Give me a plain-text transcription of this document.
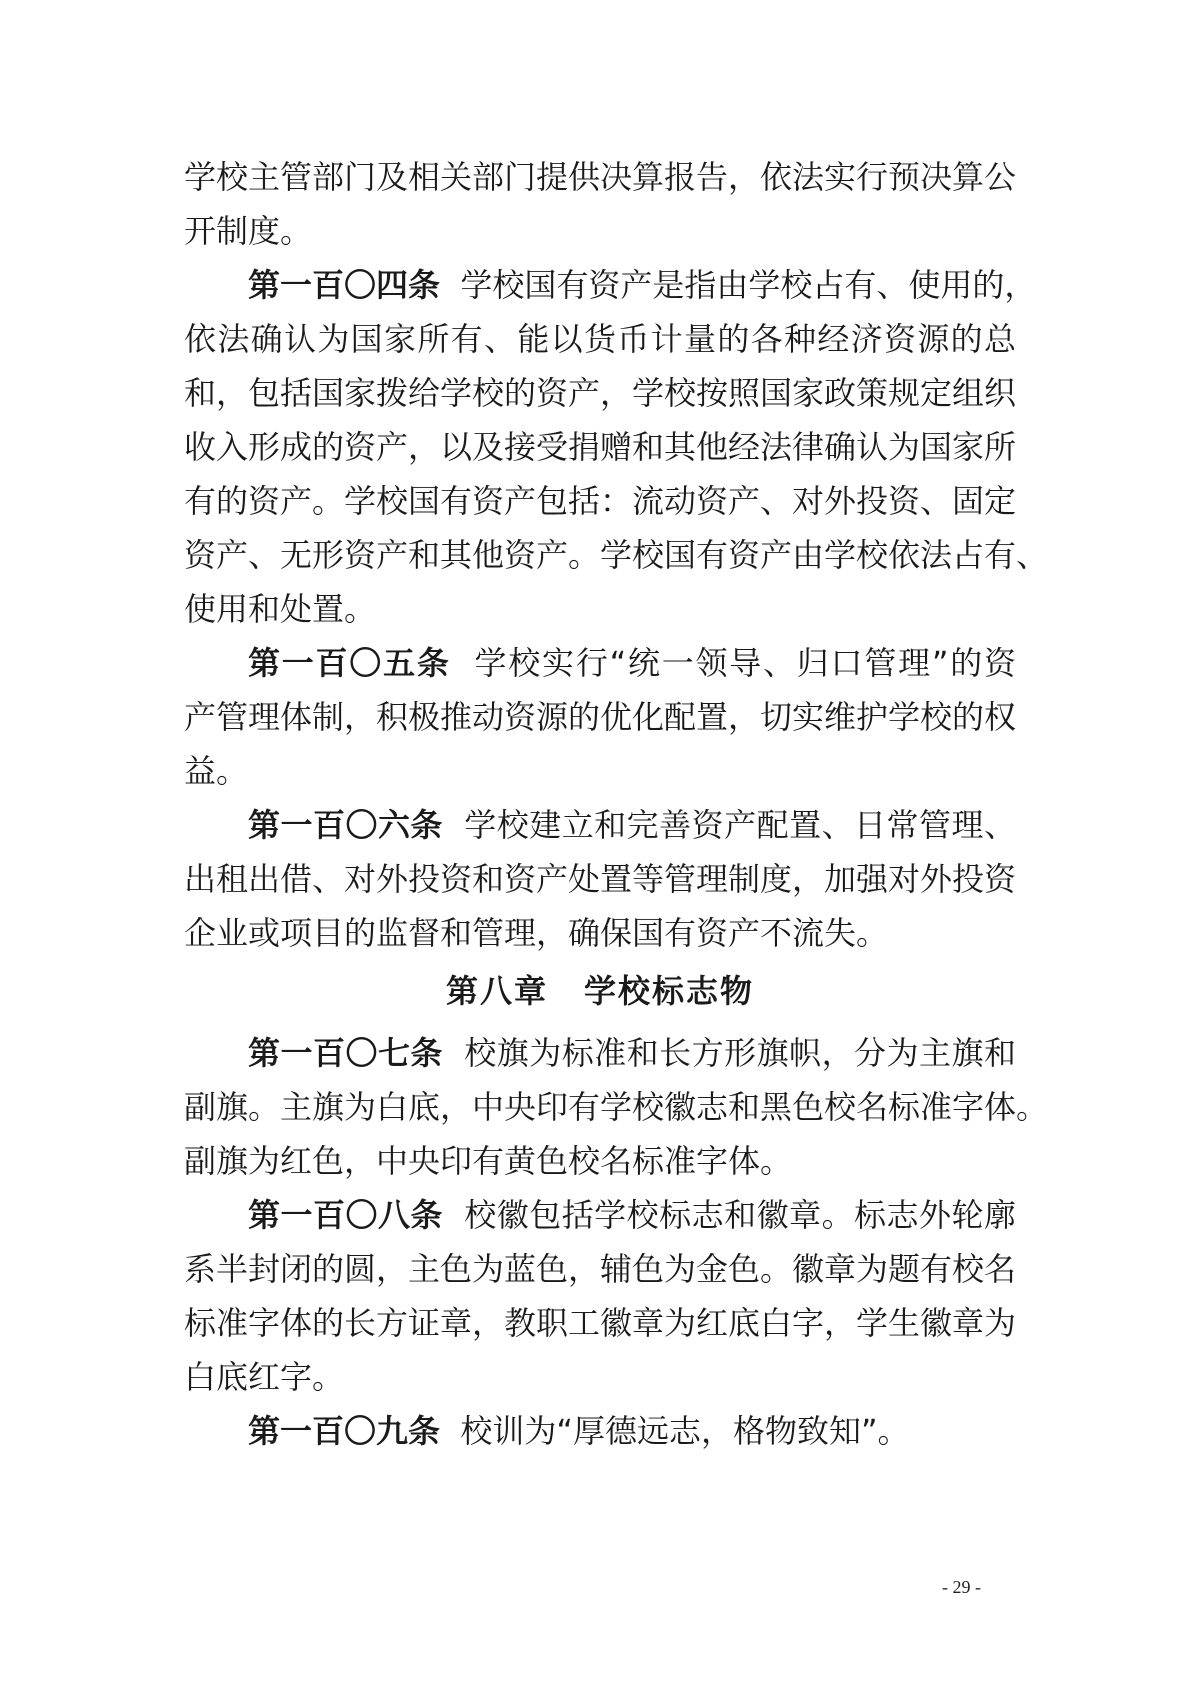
学校主管部门及相关部门提供决算报告，依法实行预决算公

开制度。

第一百〇四条 学校国有资产是指由学校占有、使用的，

依法确认为国家所有、能以货币计量的各种经济资源的总

和，包括国家拨给学校的资产，学校按照国家政策规定组织

收入形成的资产，以及接受捐赠和其他经法律确认为国家所

有的资产。学校国有资产包括：流动资产、对外投资、固定

资产、无形资产和其他资产。学校国有资产由学校依法占有、

使用和处置。

第一百〇五条 学校实行“统一领导、归口管理”的资

产管理体制，积极推动资源的优化配置，切实维护学校的权

益。

第一百〇六条 学校建立和完善资产配置、日常管理、

出租出借、对外投资和资产处置等管理制度，加强对外投资

企业或项目的监督和管理，确保国有资产不流失。

第八章 学校标志物

第一百〇七条 校旗为标准和长方形旗帜，分为主旗和

副旗。主旗为白底，中央印有学校徽志和黑色校名标准字体。

副旗为红色，中央印有黄色校名标准字体。

第一百〇八条 校徽包括学校标志和徽章。标志外轮廓

系半封闭的圆，主色为蓝色，辅色为金色。徽章为题有校名

标准字体的长方证章，教职工徽章为红底白字，学生徽章为

白底红字。

第一百〇九条 校训为“厚德远志，格物致知”。

- 29 -
